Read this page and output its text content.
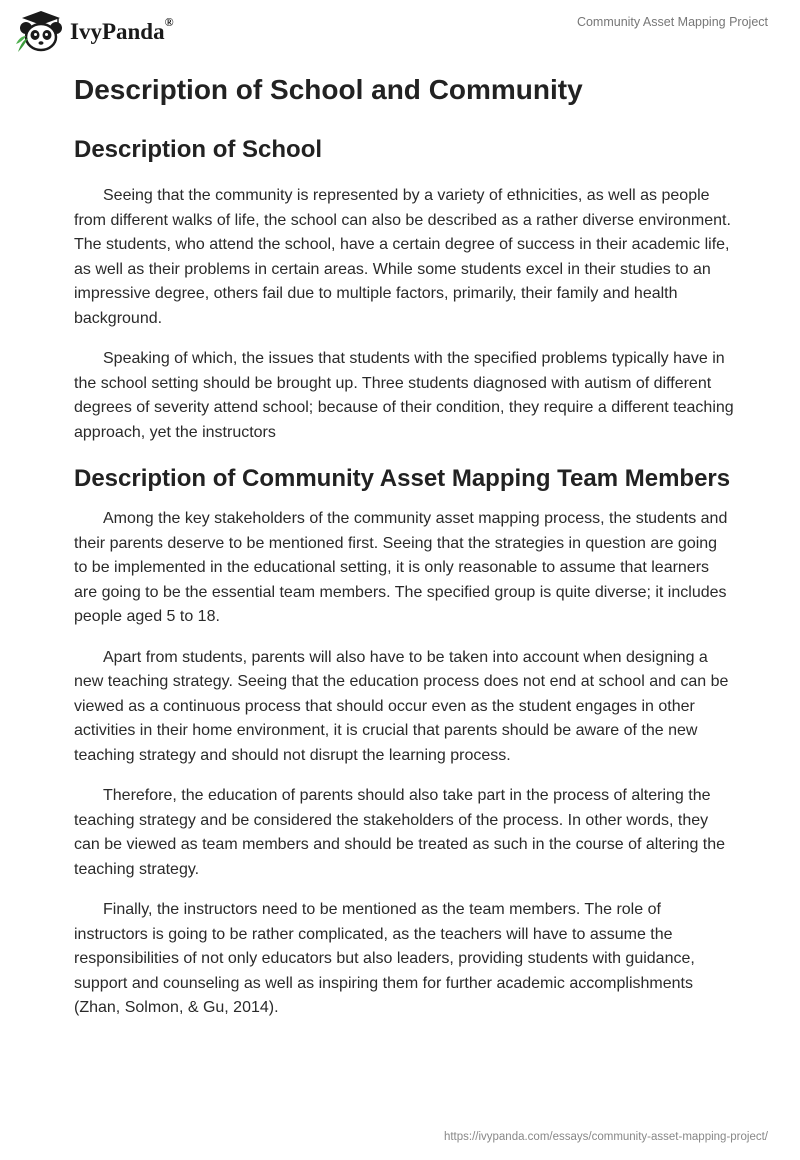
IvyPanda®	Community Asset Mapping Project
Description of School and Community
Description of School

Seeing that the community is represented by a variety of ethnicities, as well as people from different walks of life, the school can also be described as a rather diverse environment. The students, who attend the school, have a certain degree of success in their academic life, as well as their problems in certain areas. While some students excel in their studies to an impressive degree, others fail due to multiple factors, primarily, their family and health background.

Speaking of which, the issues that students with the specified problems typically have in the school setting should be brought up. Three students diagnosed with autism of different degrees of severity attend school; because of their condition, they require a different teaching approach, yet the instructors

Description of Community Asset Mapping Team Members

Among the key stakeholders of the community asset mapping process, the students and their parents deserve to be mentioned first. Seeing that the strategies in question are going to be implemented in the educational setting, it is only reasonable to assume that learners are going to be the essential team members. The specified group is quite diverse; it includes people aged 5 to 18.

Apart from students, parents will also have to be taken into account when designing a new teaching strategy. Seeing that the education process does not end at school and can be viewed as a continuous process that should occur even as the student engages in other activities in their home environment, it is crucial that parents should be aware of the new teaching strategy and should not disrupt the learning process.

Therefore, the education of parents should also take part in the process of altering the teaching strategy and be considered the stakeholders of the process. In other words, they can be viewed as team members and should be treated as such in the course of altering the teaching strategy.

Finally, the instructors need to be mentioned as the team members. The role of instructors is going to be rather complicated, as the teachers will have to assume the responsibilities of not only educators but also leaders, providing students with guidance, support and counseling as well as inspiring them for further academic accomplishments (Zhan, Solmon, & Gu, 2014).

https://ivypanda.com/essays/community-asset-mapping-project/
